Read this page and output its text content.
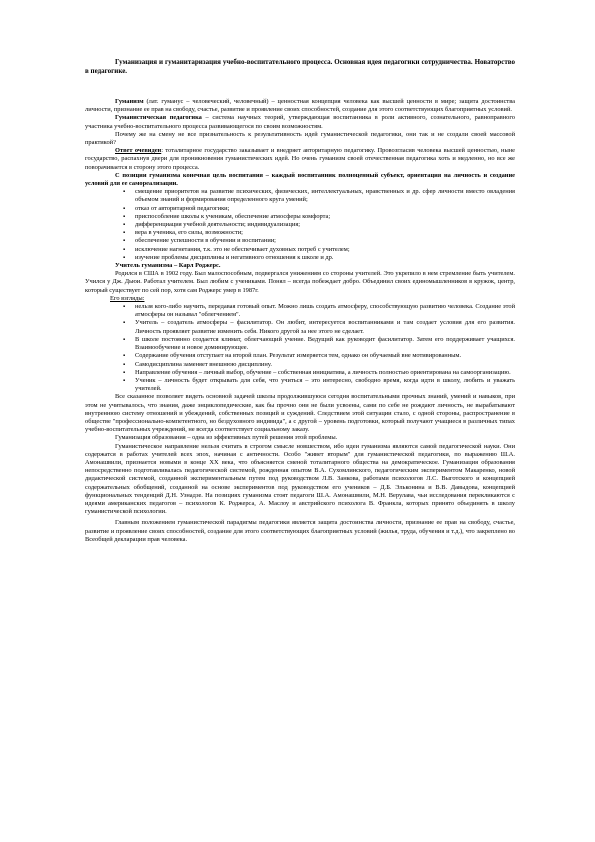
Гуманизация и гуманитаризация учебно-воспитательного процесса. Основная идея педагогики сотрудничества. Новаторство в педагогике.

Гуманизм (лат. гуманус – человеческий, человечный) – ценностная концепция человека как высшей ценности в мире; защита достоинства личности, признание ее прав на свободу, счастье, развитие и проявление своих способностей, создание для этого соответствующих благоприятных условий.

Гуманистическая педагогика – система научных теорий, утверждающая воспитанника в роли активного, сознательного, равноправного участника учебно-воспитательного процесса развивающегося по своим возможностям.

Почему же на смену не все признательность к результативность идей гуманистической педагогики, они так и не создали своей массовой практикой?

Ответ очевиден: тоталитарное государство заказывает и внедряет авторитарную педагогику. Провозгласив человека высшей ценностью, ныне государство, распахнув двери для проникновения гуманистических идей. Но очень гуманизм своей отечественная педагогика хоть и медленно, но все же поворачивается в сторону этого процесса.

С позиции гуманизма конечная цель воспитания – каждый воспитанник полноценный субъект, ориентация на личность и создание условий для ее самореализации.

▪ смещение приоритетов на развитие психических, физических, интеллектуальных, нравственных и др. сфер личности вместо овладения объемом знаний и формирования определенного круга умений;
▪ отказ от авторитарной педагогики;
▪ приспособление школы к ученикам, обеспечение атмосферы комфорта;
▪ дифференциация учебной деятельности; индивидуализация;
▪ вера в ученика, его силы, возможности;
▪ обеспечение успешности в обучении и воспитании;
▪ исключение нагнетания, т.к. это не обеспечивает духовных потреб с учителем;
▪ изучение проблемы дисциплины и негативного отношения к школе и др.

Учитель гуманизма – Карл Роджерс.

Родился в США в 1902 году. Был малоспособным, подвергался унижениям со стороны учителей. Это укрепило в нем стремление быть учителем. Учился у Дж. Дьюи. Работал учителем. Был любим с учениками. Понял – всегда побеждает добро. Объединил своих единомышленников в кружок, центр, который существует по сей пор, хотя сам Роджерс умер в 1987г.

Его взгляды:

▪ нельзя кого-либо научить, передавая готовый опыт. Можно лишь создать атмосферу, способствующую развитию человека. Создание этой атмосферы он называл "облегчением".
▪ Учитель – создатель атмосферы – фасилитатор. Он любит, интересуется воспитанниками и там создает условия для его развития. Личность проявляет развитие изменить себя. Никого другой за нее этого не сделает.
▪ В школе постоянно создается климат, облегчающий учение. Ведущий как руководит фасилитатор. Затем его поддерживает учащихся. Взаимообучение и новое доминирующее.
▪ Содержание обучения отступает на второй план. Результат измеряется тем, однако он обучаемый вне мотивированным.
▪ Самодисциплина заменяет внешнюю дисциплину.
▪ Направление обучения – личный выбор, обучение – собственная инициатива, а личность полностью ориентирована на самоорганизацию.
▪ Ученик – личность будет открывать для себя, что учиться – это интересно, свободно время, когда идти в школу, любить и уважать учителей.

Все сказанное позволяет видеть основной задачей школы продолжившуюся сегодня воспитательными прочных знаний, умений и навыков, при этом не учитывалось, что знания, даже энциклопедические, как бы прочно они не были усвоены, сами по себе не рождают личность, не вырабатывают внутреннюю систему отношений и убеждений, собственных позиций и суждений. Следствием этой ситуации стало, с одной стороны, распространение в обществе "профессионально-компетентного, но бездуховного индивида", а с другой – уровень подготовки, который получают учащиеся в различных типах учебно-воспитательных учреждений, не всегда соответствует социальному заказу.

Гуманизация образования – одна из эффективных путей решения этой проблемы.

Гуманистическое направление нельзя считать в строгом смысле новшеством, ибо идеи гуманизма являются самой педагогической науки. Они содержатся в работах учителей всех эпох, начиная с античности. Особо "живет вторым" для гуманистической педагогики, по выражению Ш.А. Амонашвили, признается новыми в конце XX века, что объясняется сменой тоталитарного общества на демократическое. Гуманизация образования непосредственно подготавливалась педагогической системой, рожденная опытом В.А. Сухомлинского, педагогическим экспериментом Макаренко, новой дидактической системой, созданной экспериментальным путем под руководством Л.В. Занкова, работами психологов Л.С. Выготского и концепцией содержательных обобщений, созданной на основе экспериментов под руководством его учеников – Д.Б. Эльконина и В.В. Давыдова, концепцией функциональных тенденций Д.Н. Узнадзе. На позициях гуманизма стоят педагоги Ш.А. Амонашвили, М.Н. Верулава, чьи исследования перекликаются с идеями американских педагогов – психологов К. Роджерса, А. Маслоу и австрийского психолога В. Франкла, которых принято объединять в школу гуманистической психологии.

Главным положением гуманистической парадигмы педагогики является защита достоинства личности, признание ее прав на свободу, счастье, развитие и проявление своих способностей, создание для этого соответствующих благоприятных условий (жилья, труда, обучения и т.д.), что закреплено во Всеобщей декларации прав человека.
